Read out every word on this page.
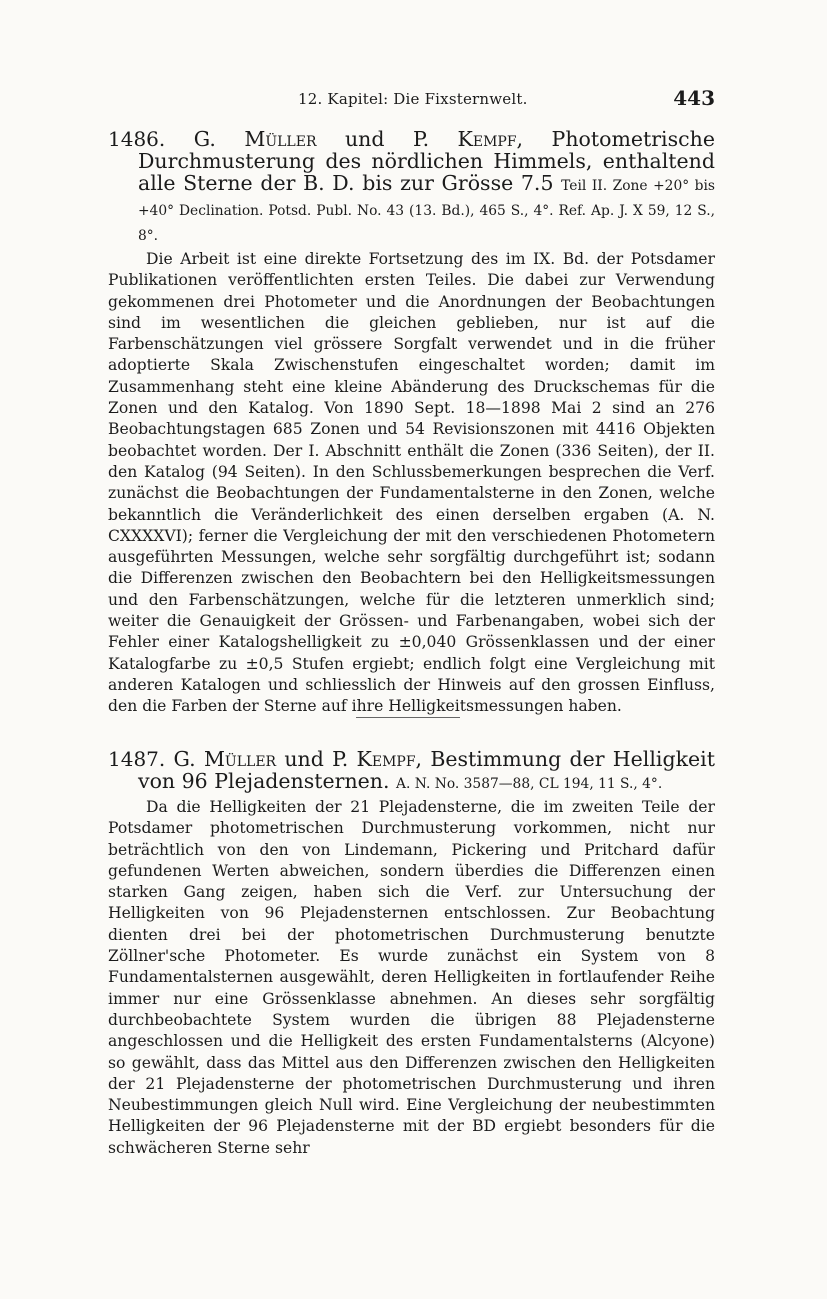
12. Kapitel: Die Fixsternwelt.	443

1486. G. Müller und P. Kempf, Photometrische Durchmusterung des nördlichen Himmels, enthaltend alle Sterne der B. D. bis zur Grösse 7.5 Teil II. Zone +20° bis +40° Declination. Potsd. Publ. No. 43 (13. Bd.), 465 S., 4°. Ref. Ap. J. X 59, 12 S., 8°.

Die Arbeit ist eine direkte Fortsetzung des im IX. Bd. der Potsdamer Publikationen veröffentlichten ersten Teiles. Die dabei zur Verwendung gekommenen drei Photometer und die Anordnungen der Beobachtungen sind im wesentlichen die gleichen geblieben, nur ist auf die Farbenschätzungen viel grössere Sorgfalt verwendet und in die früher adoptierte Skala Zwischenstufen eingeschaltet worden; damit im Zusammenhang steht eine kleine Abänderung des Druckschemas für die Zonen und den Katalog. Von 1890 Sept. 18—1898 Mai 2 sind an 276 Beobachtungstagen 685 Zonen und 54 Revisionszonen mit 4416 Objekten beobachtet worden. Der I. Abschnitt enthält die Zonen (336 Seiten), der II. den Katalog (94 Seiten). In den Schlussbemerkungen besprechen die Verf. zunächst die Beobachtungen der Fundamentalsterne in den Zonen, welche bekanntlich die Veränderlichkeit des einen derselben ergaben (A. N. CXXXXVI); ferner die Vergleichung der mit den verschiedenen Photometern ausgeführten Messungen, welche sehr sorgfältig durchgeführt ist; sodann die Differenzen zwischen den Beobachtern bei den Helligkeitsmessungen und den Farbenschätzungen, welche für die letzteren unmerklich sind; weiter die Genauigkeit der Grössen- und Farbenangaben, wobei sich der Fehler einer Katalogshelligkeit zu ±0,040 Grössenklassen und der einer Katalogfarbe zu ±0,5 Stufen ergiebt; endlich folgt eine Vergleichung mit anderen Katalogen und schliesslich der Hinweis auf den grossen Einfluss, den die Farben der Sterne auf ihre Helligkeitsmessungen haben.

1487. G. Müller und P. Kempf, Bestimmung der Helligkeit von 96 Plejadensternen. A. N. No. 3587—88, CL 194, 11 S., 4°.

Da die Helligkeiten der 21 Plejadensterne, die im zweiten Teile der Potsdamer photometrischen Durchmusterung vorkommen, nicht nur beträchtlich von den von Lindemann, Pickering und Pritchard dafür gefundenen Werten abweichen, sondern überdies die Differenzen einen starken Gang zeigen, haben sich die Verf. zur Untersuchung der Helligkeiten von 96 Plejadensternen entschlossen. Zur Beobachtung dienten drei bei der photometrischen Durchmusterung benutzte Zöllner'sche Photometer. Es wurde zunächst ein System von 8 Fundamentalsternen ausgewählt, deren Helligkeiten in fortlaufender Reihe immer nur eine Grössenklasse abnehmen. An dieses sehr sorgfältig durchbeobachtete System wurden die übrigen 88 Plejadensterne angeschlossen und die Helligkeit des ersten Fundamentalsterns (Alcyone) so gewählt, dass das Mittel aus den Differenzen zwischen den Helligkeiten der 21 Plejadensterne der photometrischen Durchmusterung und ihren Neubestimmungen gleich Null wird. Eine Vergleichung der neubestimmten Helligkeiten der 96 Plejadensterne mit der BD ergiebt besonders für die schwächeren Sterne sehr
